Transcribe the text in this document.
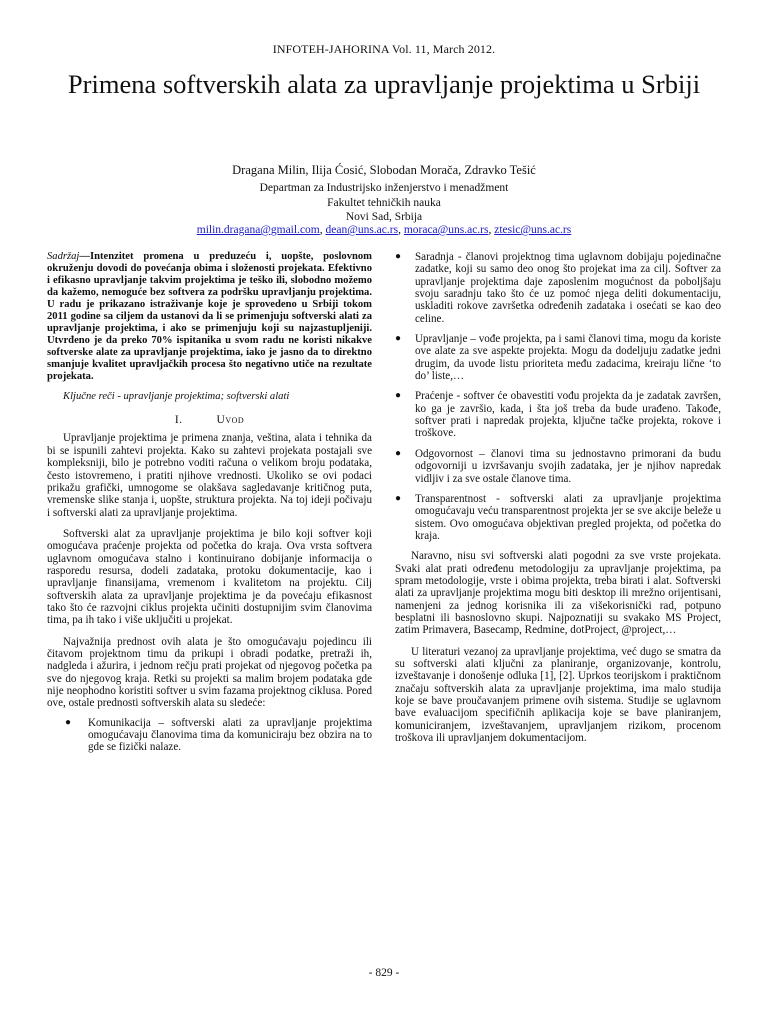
INFOTEH-JAHORINA Vol. 11, March 2012.
Primena softverskih alata za upravljanje projektima u Srbiji
Dragana Milin, Ilija Ćosić, Slobodan Morača, Zdravko Tešić
Departman za Industrijsko inženjerstvo i menadžment
Fakultet tehničkih nauka
Novi Sad, Srbija
milin.dragana@gmail.com, dean@uns.ac.rs, moraca@uns.ac.rs, ztesic@uns.ac.rs

Sadržaj—Intenzitet promena u preduzeću i, uopšte, poslovnom okruženju dovodi do povećanja obima i složenosti projekata. Efektivno i efikasno upravljanje takvim projektima je teško ili, slobodno možemo da kažemo, nemoguće bez softvera za podršku upravljanju projektima. U radu je prikazano istraživanje koje je sprovedeno u Srbiji tokom 2011 godine sa ciljem da ustanovi da li se primenjuju softverski alati za upravljanje projektima, i ako se primenjuju koji su najzastupljeniji. Utvrđeno je da preko 70% ispitanika u svom radu ne koristi nikakve softverske alate za upravljanje projektima, iako je jasno da to direktno smanjuje kvalitet upravljačkih procesa što negativno utiče na rezultate projekata.

Ključne reči - upravljanje projektima; softverski alati
I.	Uvod

Upravljanje projektima je primena znanja, veština, alata i tehnika da bi se ispunili zahtevi projekta. Kako su zahtevi projekata postajali sve kompleksniji, bilo je potrebno voditi računa o velikom broju podataka, često istovremeno, i pratiti njihove vrednosti. Ukoliko se ovi podaci prikažu grafički, umnogome se olakšava sagledavanje kritičnog puta, vremenske slike stanja i, uopšte, struktura projekta. Na toj ideji počivaju i softverski alati za upravljanje projektima.

Softverski alat za upravljanje projektima je bilo koji softver koji omogućava praćenje projekta od početka do kraja. Ova vrsta softvera uglavnom omogućava stalno i kontinuirano dobijanje informacija o rasporedu resursa, dodeli zadataka, protoku dokumentacije, kao i upravljanje finansijama, vremenom i kvalitetom na projektu. Cilj softverskih alata za upravljanje projektima je da povećaju efikasnost tako što će razvojni ciklus projekta učiniti dostupnijim svim članovima tima, pa ih tako i više uključiti u projekat.

Najvažnija prednost ovih alata je što omogućavaju pojedincu ili čitavom projektnom timu da prikupi i obradi podatke, pretraži ih, nadgleda i ažurira, i jednom rečju prati projekat od njegovog početka pa sve do njegovog kraja. Retki su projekti sa malim brojem podataka gde nije neophodno koristiti softver u svim fazama projektnog ciklusa. Pored ove, ostale prednosti softverskih alata su sledeće:

● Komunikacija – softverski alati za upravljanje projektima omogućavaju članovima tima da komuniciraju bez obzira na to gde se fizički nalaze.
● Saradnja - članovi projektnog tima uglavnom dobijaju pojedinačne zadatke, koji su samo deo onog što projekat ima za cilj. Softver za upravljanje projektima daje zaposlenim mogućnost da poboljšaju svoju saradnju tako što će uz pomoć njega deliti dokumentaciju, uskladiti rokove završetka određenih zadataka i osećati se kao deo celine.
● Upravljanje – vođe projekta, pa i sami članovi tima, mogu da koriste ove alate za sve aspekte projekta. Mogu da dodeljuju zadatke jedni drugim, da uvode listu prioriteta među zadacima, kreiraju lične ‘to do’ liste,…
● Praćenje - softver će obavestiti vođu projekta da je zadatak završen, ko ga je završio, kada, i šta još treba da bude urađeno. Takođe, softver prati i napredak projekta, ključne tačke projekta, rokove i troškove.
● Odgovornost – članovi tima su jednostavno primorani da budu odgovorniji u izvršavanju svojih zadataka, jer je njihov napredak vidljiv i za sve ostale članove tima.
● Transparentnost - softverski alati za upravljanje projektima omogućavaju veću transparentnost projekta jer se sve akcije beleže u sistem. Ovo omogućava objektivan pregled projekta, od početka do kraja.

Naravno, nisu svi softverski alati pogodni za sve vrste projekata. Svaki alat prati određenu metodologiju za upravljanje projektima, pa spram metodologije, vrste i obima projekta, treba birati i alat. Softverski alati za upravljanje projektima mogu biti desktop ili mrežno orijentisani, namenjeni za jednog korisnika ili za višekorisnički rad, potpuno besplatni ili basnoslovno skupi. Najpoznatiji su svakako MS Project, zatim Primavera, Basecamp, Redmine, dotProject, @project,…

U literaturi vezanoj za upravljanje projektima, već dugo se smatra da su softverski alati ključni za planiranje, organizovanje, kontrolu, izveštavanje i donošenje odluka [1], [2]. Uprkos teorijskom i praktičnom značaju softverskih alata za upravljanje projektima, ima malo studija koje se bave proučavanjem primene ovih sistema. Studije se uglavnom bave evaluacijom specifičnih aplikacija koje se bave planiranjem, komuniciranjem, izveštavanjem, upravljanjem rizikom, procenom troškova ili upravljanjem dokumentacijom.

- 829 -
